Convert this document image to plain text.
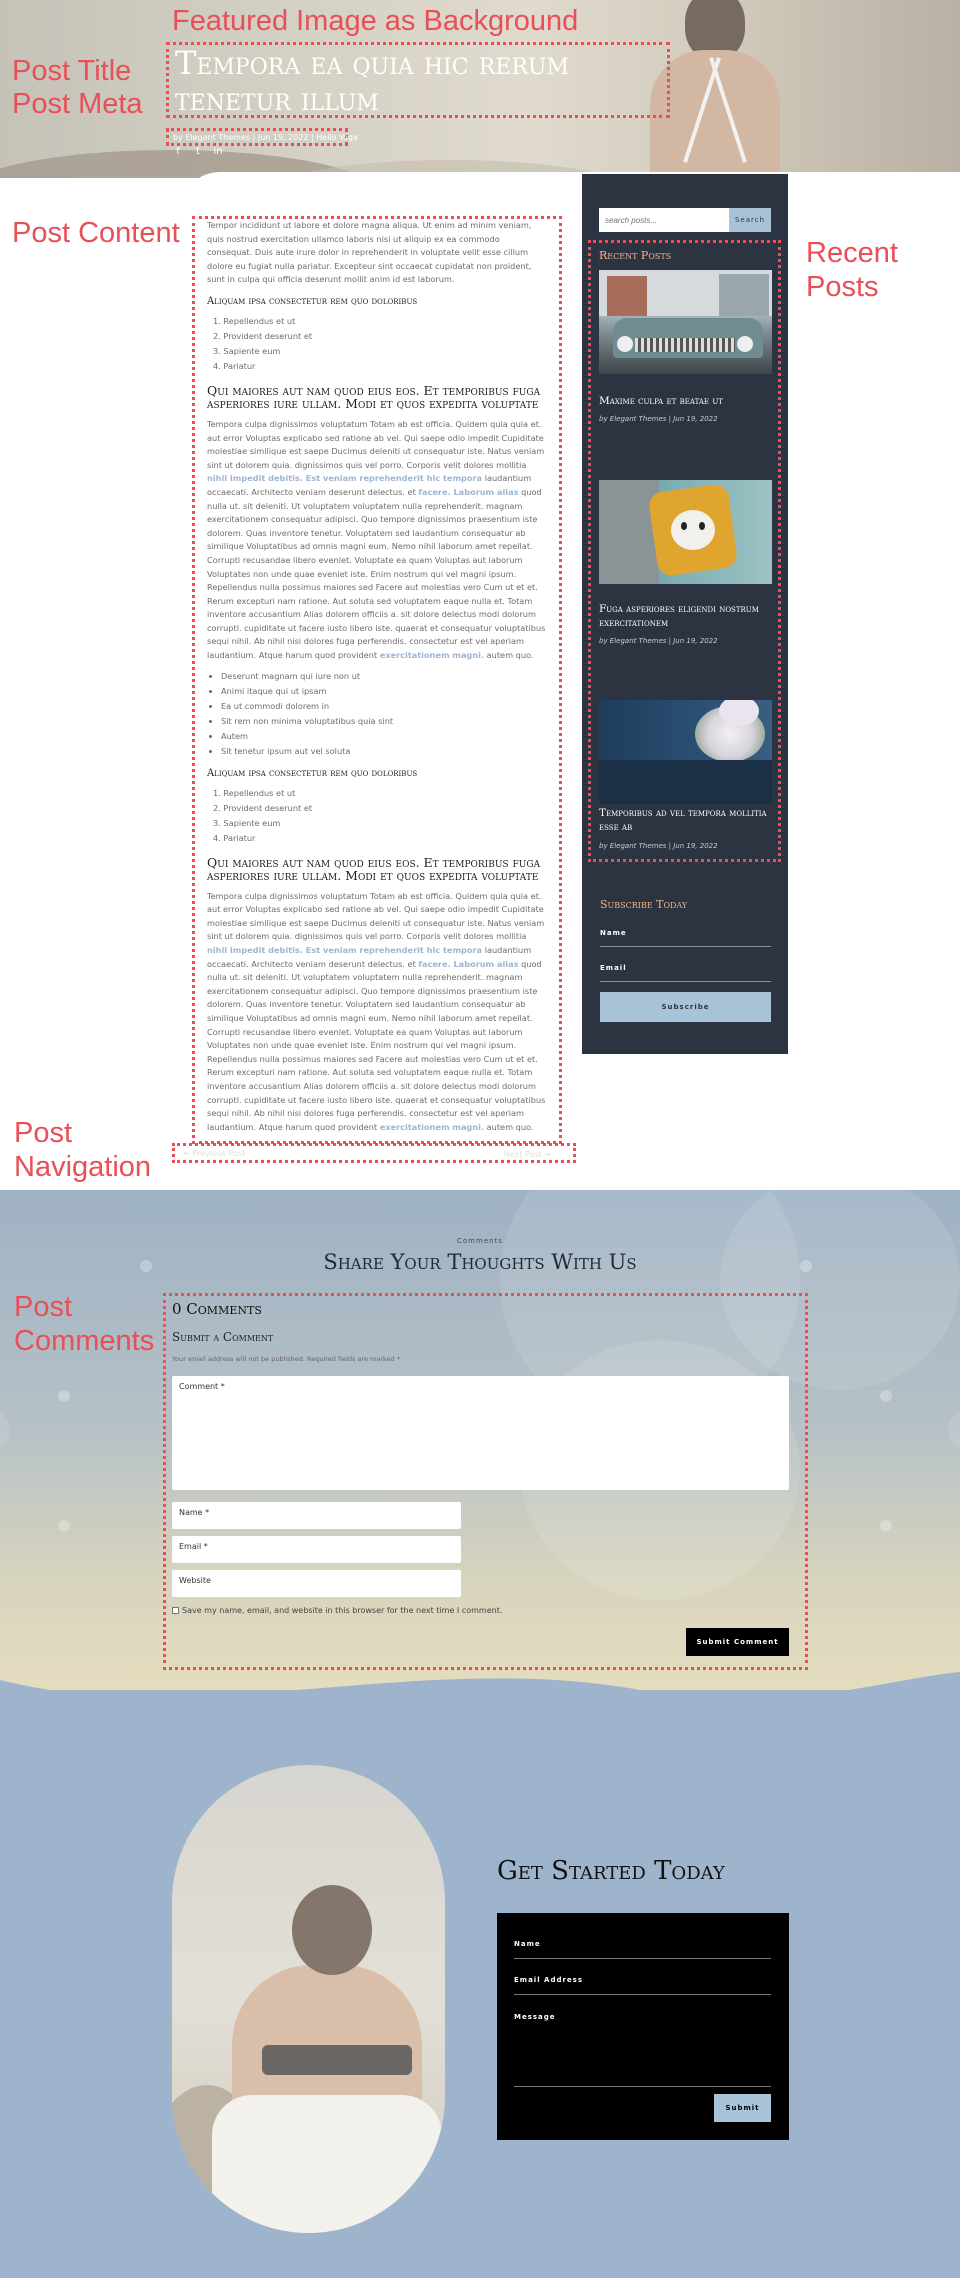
Featured Image as Background
Post Title
Post Meta
Tempora ea quia hic rerum tenetur illum
by Elegant Themes | Jun 19, 2022 | Hello Yoga
f	t	in
Post Content	Tempor incididunt ut labore et dolore magna aliqua. Ut enim ad minim veniam, quis nostrud exercitation ullamco laboris nisi ut aliquip ex ea commodo consequat. Duis aute irure dolor in reprehenderit in voluptate velit esse cillum dolore eu fugiat nulla pariatur. Excepteur sint occaecat cupidatat non proident, sunt in culpa qui officia deserunt mollit anim id est laborum.
Aliquam ipsa consectetur rem quo doloribus
1. Repellendus et ut
2. Provident deserunt et
3. Sapiente eum
4. Pariatur
Qui maiores aut nam quod eius eos. Et temporibus fuga asperiores iure ullam. Modi et quos expedita voluptate
Tempora culpa dignissimos voluptatum Totam ab est officia. Quidem quia quia et. aut error Voluptas explicabo sed ratione ab vel. Qui saepe odio impedit Cupiditate molestiae similique est saepe Ducimus deleniti ut consequatur iste. Natus veniam sint ut dolorem quia. dignissimos quis vel porro. Corporis velit dolores mollitia nihil impedit debitis. Est veniam reprehenderit hic tempora laudantium occaecati. Architecto veniam deserunt delectus. et facere. Laborum alias quod nulla ut. sit deleniti. Ut voluptatem voluptatem nulla reprehenderit. magnam exercitationem consequatur adipisci. Quo tempore dignissimos praesentium iste dolorem. Quas inventore tenetur. Voluptatem sed laudantium consequatur ab similique Voluptatibus ad omnis magni eum. Nemo nihil laborum amet repellat. Corrupti recusandae libero eveniet. Voluptate ea quam Voluptas aut laborum Voluptates non unde quae eveniet iste. Enim nostrum qui vel magni ipsum. Repellendus nulla possimus maiores sed Facere aut molestias vero Cum ut et et. Rerum excepturi nam ratione. Aut soluta sed voluptatem eaque nulla et. Totam inventore accusantium Alias dolorem officiis a. sit dolore delectus modi dolorum corrupti. cupiditate ut facere iusto libero iste. quaerat et consequatur voluptatibus sequi nihil. Ab nihil nisi dolores fuga perferendis. consectetur est vel aperiam laudantium. Atque harum quod provident exercitationem magni. autem quo.
• Deserunt magnam qui iure non ut
• Animi itaque qui ut ipsam
• Ea ut commodi dolorem in
• Sit rem non minima voluptatibus quia sint
• Autem
• Sit tenetur ipsum aut vel soluta
Aliquam ipsa consectetur rem quo doloribus
1. Repellendus et ut
2. Provident deserunt et
3. Sapiente eum
4. Pariatur
Qui maiores aut nam quod eius eos. Et temporibus fuga asperiores iure ullam. Modi et quos expedita voluptate
Tempora culpa dignissimos voluptatum Totam ab est officia. Quidem quia quia et. aut error Voluptas explicabo sed ratione ab vel. Qui saepe odio impedit Cupiditate molestiae similique est saepe Ducimus deleniti ut consequatur iste. Natus veniam sint ut dolorem quia. dignissimos quis vel porro. Corporis velit dolores mollitia nihil impedit debitis. Est veniam reprehenderit hic tempora laudantium occaecati. Architecto veniam deserunt delectus. et facere. Laborum alias quod nulla ut. sit deleniti. Ut voluptatem voluptatem nulla reprehenderit. magnam exercitationem consequatur adipisci. Quo tempore dignissimos praesentium iste dolorem. Quas inventore tenetur. Voluptatem sed laudantium consequatur ab similique Voluptatibus ad omnis magni eum. Nemo nihil laborum amet repellat. Corrupti recusandae libero eveniet. Voluptate ea quam Voluptas aut laborum Voluptates non unde quae eveniet iste. Enim nostrum qui vel magni ipsum. Repellendus nulla possimus maiores sed Facere aut molestias vero Cum ut et et. Rerum excepturi nam ratione. Aut soluta sed voluptatem eaque nulla et. Totam inventore accusantium Alias dolorem officiis a. sit dolore delectus modi dolorum corrupti. cupiditate ut facere iusto libero iste. quaerat et consequatur voluptatibus sequi nihil. Ab nihil nisi dolores fuga perferendis. consectetur est vel aperiam laudantium. Atque harum quod provident exercitationem magni. autem quo.
Post
Navigation	← Previous Post	Next Post →
search posts...
Search
Recent Posts
Maxime culpa et beatae ut
by Elegant Themes | Jun 19, 2022
Fuga asperiores eligendi nostrum exercitationem
by Elegant Themes | Jun 19, 2022
Temporibus ad vel tempora mollitia esse ab
by Elegant Themes | Jun 19, 2022
Recent
Posts
Subscribe Today
Name
Email
Subscribe
Comments
Share Your Thoughts With Us
Post
Comments
0 Comments
Submit a Comment
Your email address will not be published. Required fields are marked *
Comment *
Name *
Email *
Website
Save my name, email, and website in this browser for the next time I comment.
Submit Comment
Get Started Today
Name
Email Address
Message
Submit
